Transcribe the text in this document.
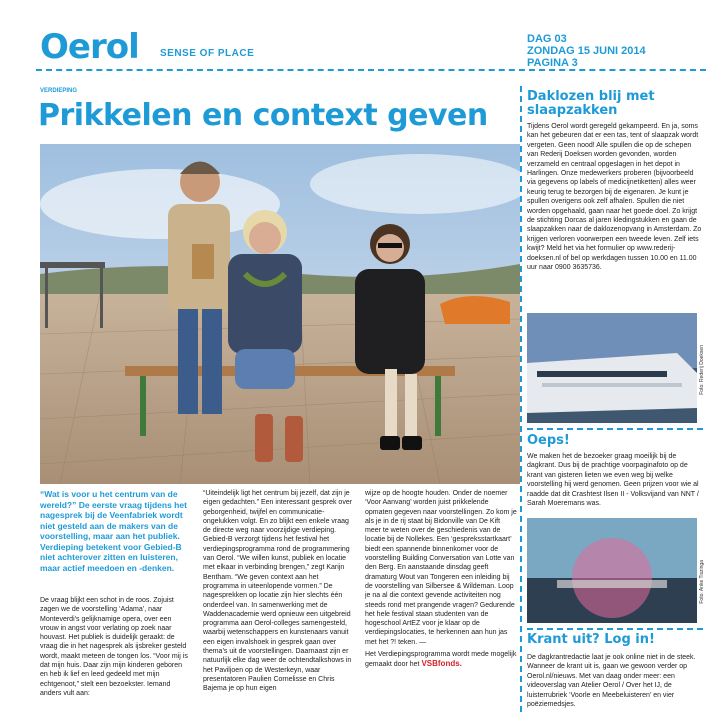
Oerol SENSE OF PLACE
DAG 03
ZONDAG 15 JUNI 2014
PAGINA 3
VERDIEPING
Prikkelen en context geven
“Wat is voor u het centrum van de wereld?” De eerste vraag tijdens het nagesprek bij de Veenfabriek wordt niet gesteld aan de makers van de voorstelling, maar aan het publiek. Verdieping betekent voor Gebied-B niet achterover zitten en luisteren, maar actief meedoen en -denken.

De vraag blijkt een schot in de roos. Zojuist zagen we de voorstelling ‘Adama’, naar Monteverdi’s gelijknamige opera, over een vrouw in angst voor verlating op zoek naar houvast. Het publiek is duidelijk geraakt: de vraag die in het nagesprek als ijsbreker gesteld wordt, maakt meteen de tongen los. “Voor mij is dat mijn huis. Daar zijn mijn kinderen geboren en heb ik lief en leed gedeeld met mijn echtgenoot,” stelt een bezoekster. Iemand anders vult aan:

“Uiteindelijk ligt het centrum bij jezelf, dat zijn je eigen gedachten.” Een interessant gesprek over geborgenheid, twijfel en communicatie-ongelukken volgt. En zo blijkt een enkele vraag de directe weg naar voorzijdige verdieping. Gebied-B verzorgt tijdens het festival het verdiepingsprogramma rond de programmering van Oerol. “We willen kunst, publiek en locatie met elkaar in verbinding brengen,” zegt Karijn Bentham. “We geven context aan het programma in uiteenlopende vormen.” De nagesprekken op locatie zijn hier slechts één onderdeel van. In samenwerking met de Waddenacademie werd opnieuw een uitgebreid programma aan Oerol-colleges samengesteld, waarbij wetenschappers en kunstenaars vanuit een eigen invalshoek in gesprek gaan over thema’s uit de voorstellingen. Daarnaast zijn er natuurlijk elke dag weer de ochtendtalkshows in het Paviljoen op de Westerkeyn, waar presentatoren Paulien Cornelisse en Chris Bajema je op hun eigen

wijze op de hoogte houden. Onder de noemer ‘Voor Aanvang’ worden juist prikkelende opmaten gegeven naar voorstellingen. Zo kom je als je in de rij staat bij Bidonville van De Kift meer te weten over de geschiedenis van de locatie bij de Nollekes. Een ‘gespreksstartkaart’ biedt een spannende binnenkomer voor de voorstelling Building Conversation van Lotte van den Berg. En aanstaande dinsdag geeft dramaturg Wout van Tongeren een inleiding bij de voorstelling van Silbersee & Wildeman. Loop je na al die context gevende activiteiten nog steeds rond met prangende vragen? Gedurende het hele festival staan studenten van de hogeschool ArtEZ voor je klaar op de verdiepingslocaties, te herkennen aan hun jas met het ?! teken. —

Het Verdiepingsprogramma wordt mede mogelijk gemaakt door het VSBfonds.

Daklozen blij met slaapzakken
Tijdens Oerol wordt geregeld gekampeerd. En ja, soms kan het gebeuren dat er een tas, tent of slaapzak wordt vergeten. Geen nood! Alle spullen die op de schepen van Rederij Doeksen worden gevonden, worden verzameld en centraal opgeslagen in het depot in Harlingen. Onze medewerkers proberen (bijvoorbeeld via gegevens op labels of medicijnetiketten) alles weer keurig terug te bezorgen bij de eigenaren. Je kunt je spullen overigens ook zelf afhalen. Spullen die niet worden opgehaald, gaan naar het goede doel. Zo krijgt de stichting Dorcas al jaren kledingstukken en gaan de slaapzakken naar de daklozenopvang in Amsterdam. Zo krijgen verloren voorwerpen een tweede leven. Zelf iets kwijt? Meld het via het formulier op www.rederij-doeksen.nl of bel op werkdagen tussen 10.00 en 11.00 uur naar 0900 3635736.
Foto: Rederij Doeksen
Oeps!
We maken het de bezoeker graag moeilijk bij de dagkrant. Dus bij de prachtige voorpaginafoto op de krant van gisteren lieten we even weg bij welke voorstelling hij werd genomen. Geen prijzen voor wie al raadde dat dit Crashtest Ilsen II - Volksvijand van NNT / Sarah Moeremans was.
Foto: Anke Tiszinga
Krant uit? Log in!
De dagkrantredactie laat je ook online niet in de steek. Wanneer de krant uit is, gaan we gewoon verder op Oerol.nl/nieuws. Met van daag onder meer: een videoverslag van Atelier Oerol / Over het IJ, de luisterrubriek ‘Voorle en Meebeluisteren’ en vier poëziemedsjes.
